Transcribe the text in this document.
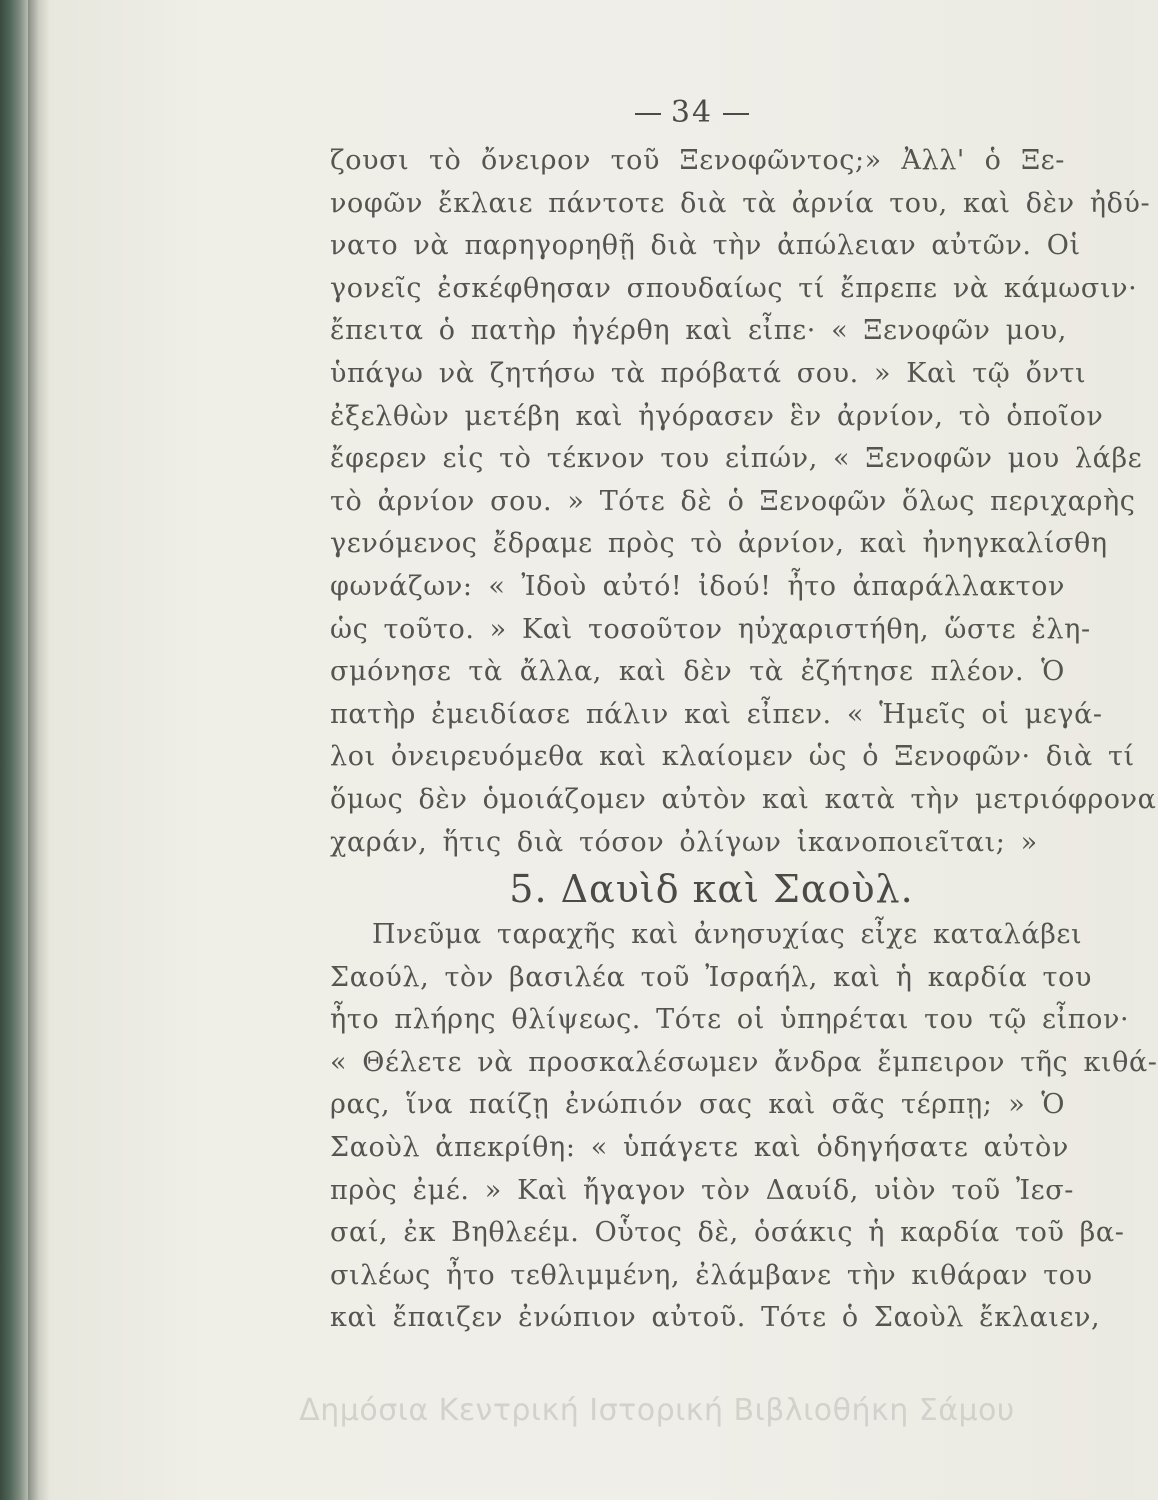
34
ζουσι τὸ ὄνειρον τοῦ Ξενοφῶντος;» Ἀλλ' ὁ Ξε-
νοφῶν ἔκλαιε πάντοτε διὰ τὰ ἀρνία του, καὶ δὲν ἠδύ-
νατο νὰ παρηγορηθῇ διὰ τὴν ἀπώλειαν αὐτῶν. Οἱ
γονεῖς ἐσκέφθησαν σπουδαίως τί ἔπρεπε νὰ κάμωσιν·
ἔπειτα ὁ πατὴρ ἠγέρθη καὶ εἶπε· « Ξενοφῶν μου,
ὑπάγω νὰ ζητήσω τὰ πρόβατά σου. » Καὶ τῷ ὄντι
ἐξελθὼν μετέβη καὶ ἠγόρασεν ἓν ἀρνίον, τὸ ὁποῖον
ἔφερεν εἰς τὸ τέκνον του εἰπών, « Ξενοφῶν μου λάβε
τὸ ἀρνίον σου. » Τότε δὲ ὁ Ξενοφῶν ὅλως περιχαρὴς
γενόμενος ἔδραμε πρὸς τὸ ἀρνίον, καὶ ἠνηγκαλίσθη
φωνάζων: « Ἰδοὺ αὐτό! ἰδού! ἦτο ἀπαράλλακτον
ὡς τοῦτο. » Καὶ τοσοῦτον ηὐχαριστήθη, ὥστε ἐλη-
σμόνησε τὰ ἄλλα, καὶ δὲν τὰ ἐζήτησε πλέον. Ὁ
πατὴρ ἐμειδίασε πάλιν καὶ εἶπεν. « Ἡμεῖς οἱ μεγά-
λοι ὀνειρευόμεθα καὶ κλαίομεν ὡς ὁ Ξενοφῶν· διὰ τί
ὅμως δὲν ὁμοιάζομεν αὐτὸν καὶ κατὰ τὴν μετριόφρονα
χαράν, ἥτις διὰ τόσον ὀλίγων ἱκανοποιεῖται; »
5. Δαυὶδ καὶ Σαοὺλ.
Πνεῦμα ταραχῆς καὶ ἀνησυχίας εἶχε καταλάβει
Σαούλ, τὸν βασιλέα τοῦ Ἰσραήλ, καὶ ἡ καρδία του
ἦτο πλήρης θλίψεως. Τότε οἱ ὑπηρέται του τῷ εἶπον·
« Θέλετε νὰ προσκαλέσωμεν ἄνδρα ἔμπειρον τῆς κιθά-
ρας, ἵνα παίζῃ ἐνώπιόν σας καὶ σᾶς τέρπῃ; » Ὁ
Σαοὺλ ἀπεκρίθη: « ὑπάγετε καὶ ὁδηγήσατε αὐτὸν
πρὸς ἐμέ. » Καὶ ἤγαγον τὸν Δαυίδ, υἱὸν τοῦ Ἰεσ-
σαί, ἐκ Βηθλεέμ. Οὗτος δὲ, ὁσάκις ἡ καρδία τοῦ βα-
σιλέως ἦτο τεθλιμμένη, ἐλάμβανε τὴν κιθάραν του
καὶ ἔπαιζεν ἐνώπιον αὐτοῦ. Τότε ὁ Σαοὺλ ἔκλαιεν,
Δημόσια Κεντρική Ιστορική Βιβλιοθήκη Σάμου
